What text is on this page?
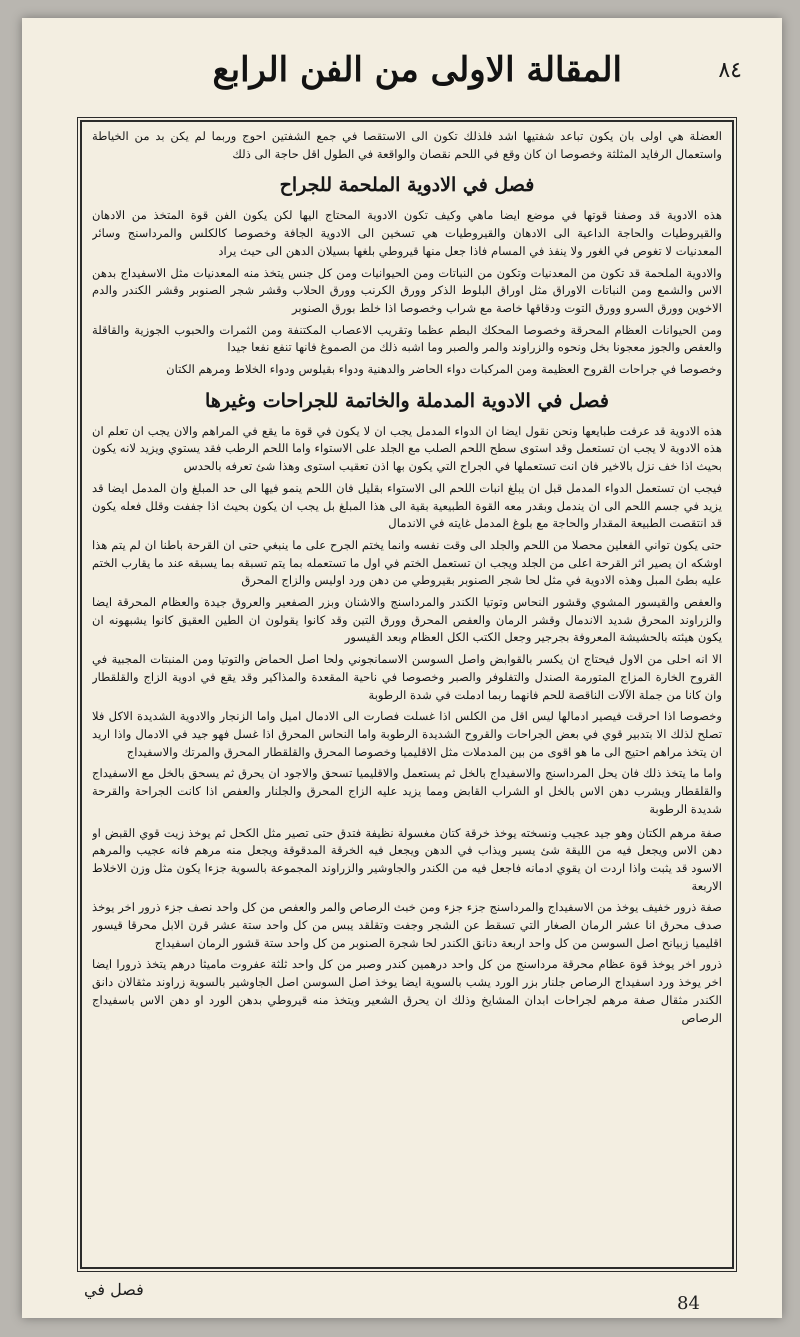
٨٤
المقالة الاولى من الفن الرابع

العضلة هي اولى بان يكون تباعد شفتيها اشد فلذلك تكون الى الاستقصا في جمع الشفتين احوج وربما لم يكن بد من الخياطة واستعمال الرفايد المثلثة وخصوصا ان كان وقع في اللحم نقصان والواقعة في الطول اقل حاجة الى ذلك

فصل في الادوية الملحمة للجراح

هذه الادوية قد وصفنا قوتها في موضع ايضا ماهي وكيف تكون الادوية المحتاج اليها لكن يكون الفن قوة المتخذ من الادهان والقيروطيات والحاجة الداعية الى الادهان والقيروطيات هي تسخين الى الادوية الجافة وخصوصا كالكلس والمرداسنج وسائر المعدنيات لا تغوص في الغور ولا ينفذ في المسام فاذا جعل منها قيروطي بلغها بسيلان الدهن الى حيث يراد

والادوية الملحمة قد تكون من المعدنيات وتكون من النباتات ومن الحيوانيات ومن كل جنس يتخذ منه المعدنيات مثل الاسفيداج بدهن الاس والشمع ومن النباتات الاوراق مثل اوراق البلوط الذكر وورق الكرنب وورق الحلاب وقشر شجر الصنوبر وقشر الكندر والدم الاخوين وورق السرو وورق التوت ودقاقها خاصة مع شراب وخصوصا اذا خلط بورق الصنوبر

ومن الحيوانات العظام المحرقة وخصوصا المحكك البطم عظما وتقريب الاعصاب المكتنفة ومن الثمرات والحبوب الجوزية والقاقلة والعفص والجوز معجونا بخل ونحوه والزراوند والمر والصبر وما اشبه ذلك من الصموغ فانها تنفع نفعا جيدا

وخصوصا في جراحات القروح العظيمة ومن المركبات دواء الحاضر والدهنية ودواء بقيلوس ودواء الخلاط ومرهم الكتان

فصل في الادوية المدملة والخاتمة للجراحات وغيرها

هذه الادوية قد عرفت طبايعها ونحن نقول ايضا ان الدواء المدمل يجب ان لا يكون في قوة ما يقع في المراهم والان يجب ان تعلم ان هذه الادوية لا يجب ان تستعمل وقد استوى سطح اللحم الصلب مع الجلد على الاستواء واما اللحم الرطب فقد يستوي ويزيد لانه يكون بحيث اذا خف نزل بالاخير فان انت تستعملها في الجراح التي يكون بها اذن تعقيب استوى وهذا شئ تعرفه بالحدس

فيجب ان تستعمل الدواء المدمل قبل ان يبلغ انبات اللحم الى الاستواء بقليل فان اللحم ينمو فيها الى حد المبلغ وان المدمل ايضا قد يزيد في جسم اللحم الى ان يندمل وبقدر معه القوة الطبيعية بقية الى هذا المبلغ بل يجب ان يكون بحيث اذا جففت وقلل فعله يكون قد انتقصت الطبيعة المقدار والحاجة مع بلوغ المدمل غايته في الاندمال

حتى يكون تواني الفعلين محصلا من اللحم والجلد الى وقت نفسه وانما يختم الجرح على ما ينبغي حتى ان القرحة باطنا ان لم يتم هذا اوشكه ان يصير اثر القرحة اعلى من الجلد ويجب ان تستعمل الختم في اول ما تستعمله بما يتم تسبقه بما يسبقه عند ما يقارب الختم عليه بطئ المبل وهذه الادوية في مثل لحا شجر الصنوبر بقيروطي من دهن ورد اوليس والزاج المحرق

والعفص والقيسور المشوي وقشور النحاس وتوتيا الكندر والمرداسنج والاشنان وبزر الصفعير والعروق جيدة والعظام المحرقة ايضا والزراوند المحرق شديد الاندمال وقشر الرمان والعفص المحرق وورق التين وقد كانوا يقولون ان الطين العقيق كانوا يشبهونه ان يكون هيئته بالحشيشة المعروفة بجرجير وجعل الكتب الكل العظام وبعد القيسور

الا انه احلى من الاول فيحتاج ان يكسر بالقوابض واصل السوسن الاسمانجوني ولحا اصل الحماض والتوتيا ومن المنبتات المجبية في القروح الخارة المزاج المتورمة الصندل والتفلوفر والصبر وخصوصا في ناحية المقعدة والمذاكير وقد يقع في ادوية الزاج والقلقطار وان كانا من جملة الآلات الناقصة للحم فانهما ربما ادملت في شدة الرطوبة

وخصوصا اذا احرقت فيصير ادمالها ليس اقل من الكلس اذا غسلت فصارت الى الادمال اميل واما الزنجار والادوية الشديدة الاكل فلا تصلح لذلك الا بتدبير قوي في بعض الجراحات والقروح الشديدة الرطوبة واما النحاس المحرق اذا غسل فهو جيد في الادمال واذا اريد ان يتخذ مراهم احتيج الى ما هو اقوى من بين المدملات مثل الاقليميا وخصوصا المحرق والقلقطار المحرق والمرتك والاسفيداج

واما ما يتخذ ذلك فان يحل المرداسنج والاسفيداج بالخل ثم يستعمل والاقليميا تسحق والاجود ان يحرق ثم يسحق بالخل مع الاسفيداج والقلقطار ويشرب دهن الاس بالخل او الشراب القابض ومما يزيد عليه الزاج المحرق والجلنار والعفص اذا كانت الجراحة والقرحة شديدة الرطوبة

صفة مرهم الكتان وهو جيد عجيب ونسخته يوخذ خرقة كتان مغسولة نظيفة فتدق حتى تصير مثل الكحل ثم يوخذ زيت قوي القبض او دهن الاس ويجعل فيه من الليقة شئ يسير ويذاب في الدهن ويجعل فيه الخرقة المدقوقة ويجعل منه مرهم فانه عجيب والمرهم الاسود قد يثبت واذا اردت ان يقوي ادمانه فاجعل فيه من الكندر والجاوشير والزراوند المجموعة بالسوية جزءا يكون مثل وزن الاخلاط الاربعة

صفة ذرور خفيف يوخذ من الاسفيداج والمرداسنج جزء جزء ومن خبث الرصاص والمر والعفص من كل واحد نصف جزء ذرور اخر يوخذ صدف محرق انا عشر الرمان الصغار التي تسقط عن الشجر وجفت وتقلقد يبس من كل واحد ستة عشر قرن الابل محرقا قيسور اقليميا زبيانح اصل السوسن من كل واحد اربعة دنانق الكندر لحا شجرة الصنوبر من كل واحد ستة قشور الرمان اسفيداج

ذرور اخر يوخذ قوة عظام محرقة مرداسنج من كل واحد درهمين كندر وصبر من كل واحد ثلثة عفروت ماميثا درهم يتخذ ذرورا ايضا اخر يوخذ ورد اسفيداج الرصاص جلنار بزر الورد يشب بالسوية ايضا يوخذ اصل السوسن اصل الجاوشير بالسوية زراوند مثقالان دانق الكندر مثقال صفة مرهم لجراحات ابدان المشايخ وذلك ان يحرق الشعير ويتخذ منه قيروطي بدهن الورد او دهن الاس باسفيداج الرصاص

فصل في
84
